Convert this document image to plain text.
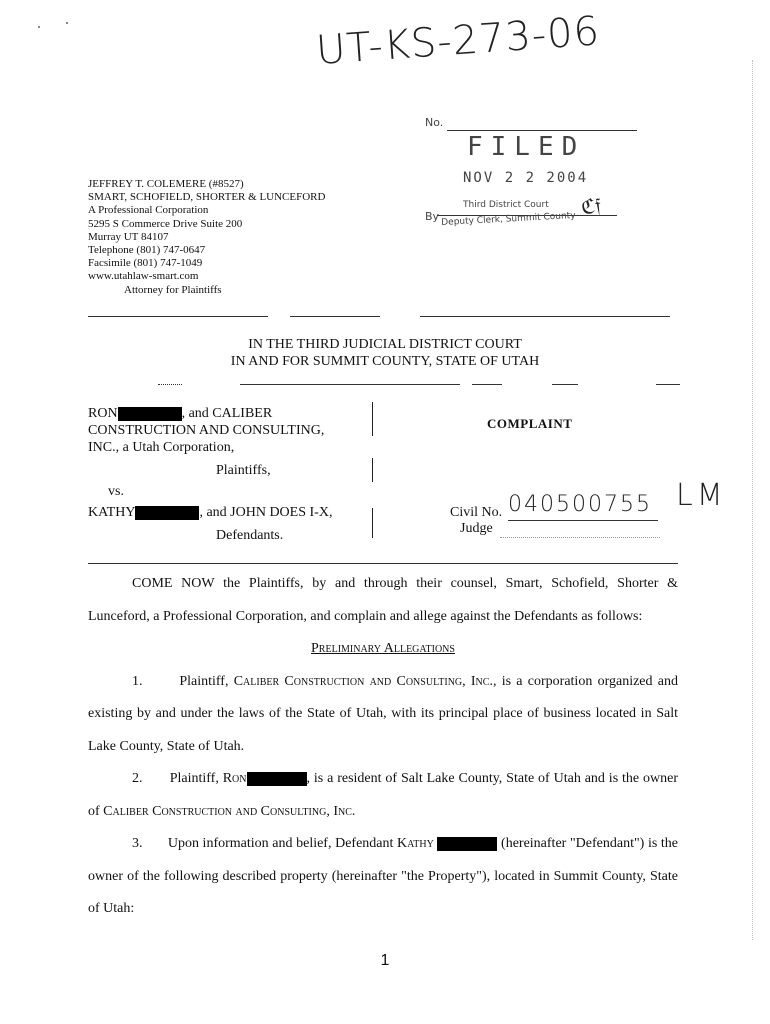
UT-KS-273-06
No.
FILED
NOV 2 2 2004
By
Third District Court
Deputy Clerk, Summit County
ℭ𝔣
JEFFREY T. COLEMERE (#8527)
SMART, SCHOFIELD, SHORTER & LUNCEFORD
A Professional Corporation
5295 S Commerce Drive Suite 200
Murray UT 84107
Telephone (801) 747-0647
Facsimile (801) 747-1049
www.utahlaw-smart.com
Attorney for Plaintiffs
IN THE THIRD JUDICIAL DISTRICT COURT
IN AND FOR SUMMIT COUNTY, STATE OF UTAH
RON	, and CALIBER
CONSTRUCTION AND CONSULTING,
INC., a Utah Corporation,
Plaintiffs,
vs.
KATHY	, and JOHN DOES I-X,
Defendants.
COMPLAINT
Civil No. 040500755 LM
Judge
COME NOW the Plaintiffs, by and through their counsel, Smart, Schofield, Shorter & Lunceford, a Professional Corporation, and complain and allege against the Defendants as follows:
Preliminary Allegations
1.	Plaintiff, Caliber Construction and Consulting, Inc., is a corporation organized and existing by and under the laws of the State of Utah, with its principal place of business located in Salt Lake County, State of Utah.
2. Plaintiff, Ron	, is a resident of Salt Lake County, State of Utah and is the owner of Caliber Construction and Consulting, Inc.
3. Upon information and belief, Defendant Kathy	(hereinafter "Defendant") is the owner of the following described property (hereinafter "the Property"), located in Summit County, State of Utah:
1
